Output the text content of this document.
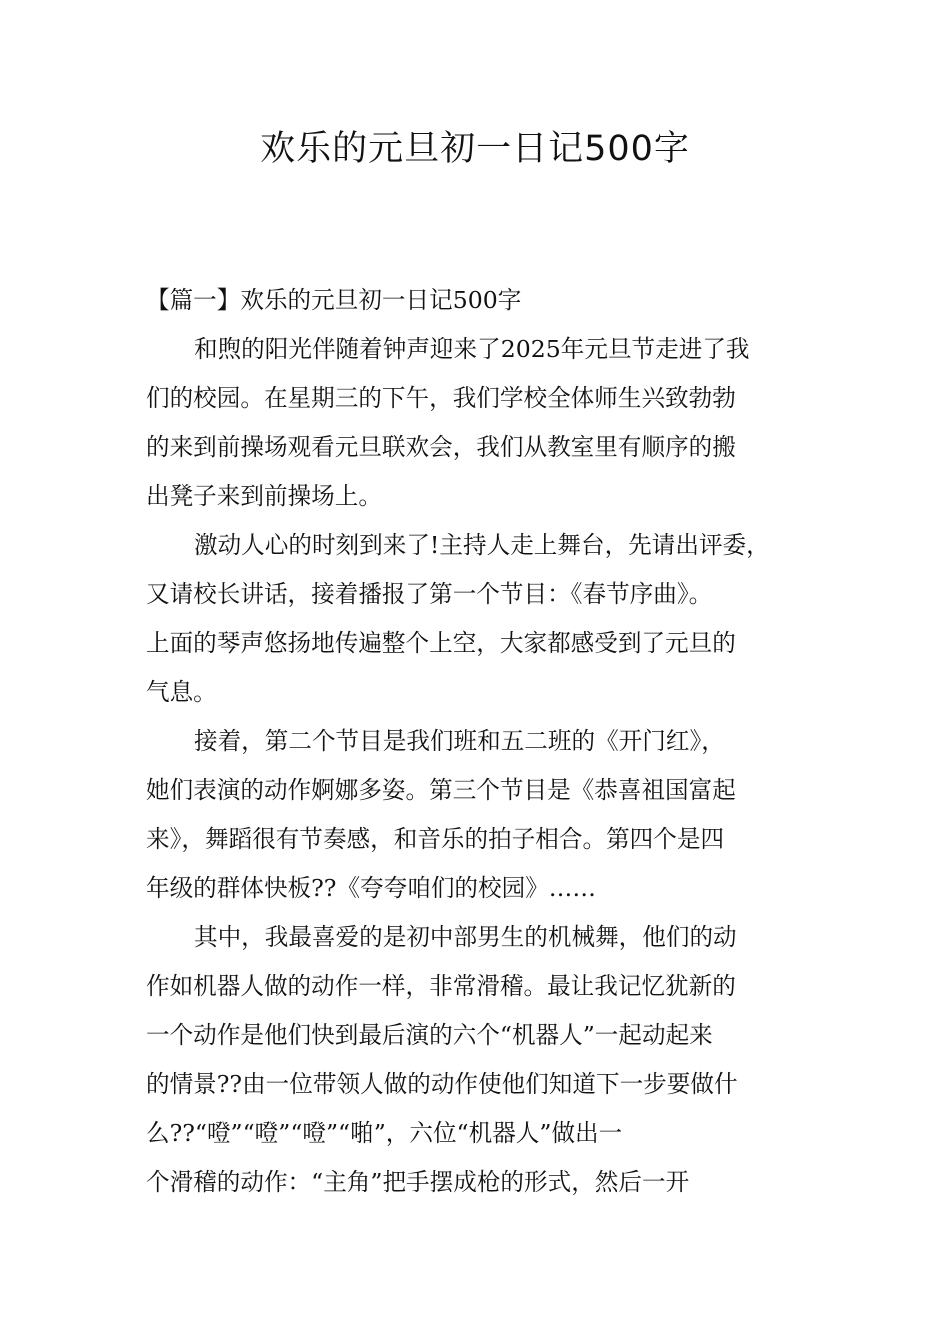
欢乐的元旦初一日记500字

【篇一】欢乐的元旦初一日记500字

和煦的阳光伴随着钟声迎来了2025年元旦节走进了我
们的校园。在星期三的下午，我们学校全体师生兴致勃勃
的来到前操场观看元旦联欢会，我们从教室里有顺序的搬
出凳子来到前操场上。

激动人心的时刻到来了!主持人走上舞台，先请出评委，
又请校长讲话，接着播报了第一个节目：《春节序曲》。
上面的琴声悠扬地传遍整个上空，大家都感受到了元旦的
气息。

接着，第二个节目是我们班和五二班的《开门红》，
她们表演的动作婀娜多姿。第三个节目是《恭喜祖国富起
来》，舞蹈很有节奏感，和音乐的拍子相合。第四个是四
年级的群体快板??《夸夸咱们的校园》……

其中，我最喜爱的是初中部男生的机械舞，他们的动
作如机器人做的动作一样，非常滑稽。最让我记忆犹新的
一个动作是他们快到最后演的六个“机器人”一起动起来
的情景??由一位带领人做的动作使他们知道下一步要做什
么??“噔”“噔”“噔”“啪”，六位“机器人”做出一
个滑稽的动作：“主角”把手摆成枪的形式，然后一开
